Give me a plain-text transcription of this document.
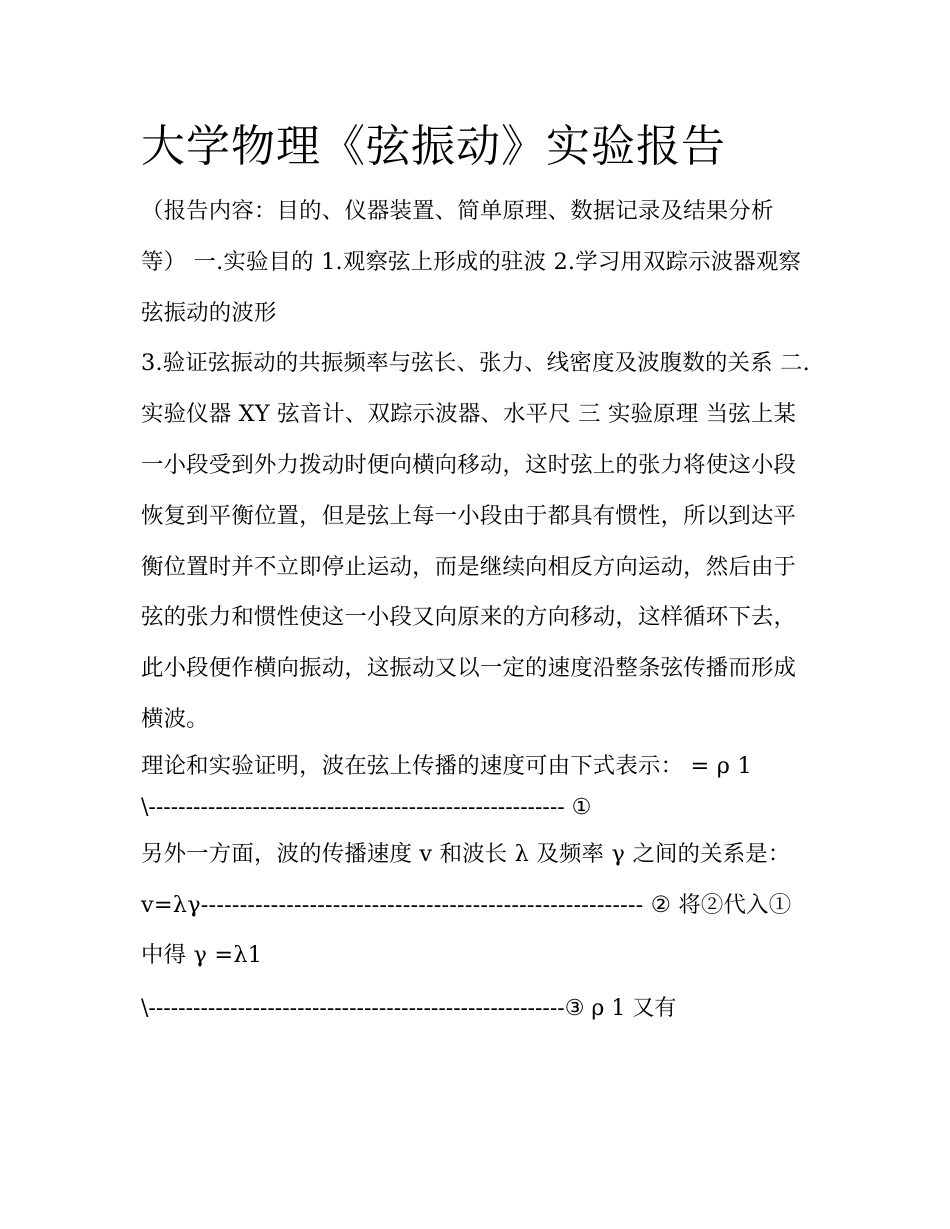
大学物理《弦振动》实验报告

（报告内容：目的、仪器装置、简单原理、数据记录及结果分析等） 一.实验目的 1.观察弦上形成的驻波 2.学习用双踪示波器观察弦振动的波形

3.验证弦振动的共振频率与弦长、张力、线密度及波腹数的关系 二.实验仪器 XY 弦音计、双踪示波器、水平尺 三 实验原理 当弦上某一小段受到外力拨动时便向横向移动，这时弦上的张力将使这小段恢复到平衡位置，但是弦上每一小段由于都具有惯性，所以到达平衡位置时并不立即停止运动，而是继续向相反方向运动，然后由于弦的张力和惯性使这一小段又向原来的方向移动，这样循环下去，此小段便作横向振动，这振动又以一定的速度沿整条弦传播而形成横波。

理论和实验证明，波在弦上传播的速度可由下式表示： = ρ 1

\-------------------------------------------------------- ①

另外一方面，波的传播速度 v 和波长 λ 及频率 γ 之间的关系是：

v=λγ--------------------------------------------------------- ② 将②代入①中得 γ =λ1

\--------------------------------------------------------③ ρ 1 又有
